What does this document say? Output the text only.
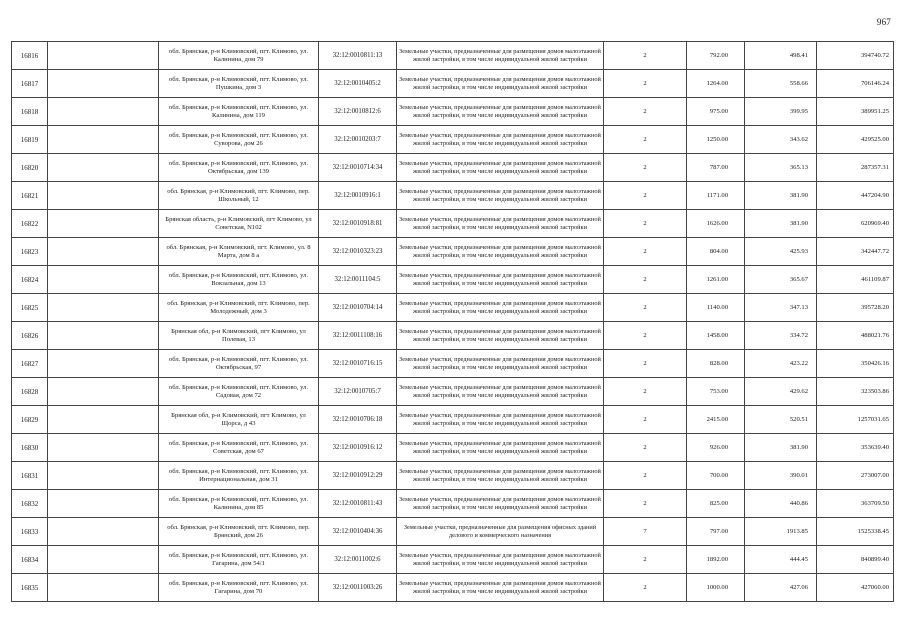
967
16816		обл. Брянская, р-н Климовский, пгт. Климово, ул. Калинина, дом 79	32:12:0010811:13	Земельные участки, предназначенные для размещения домов малоэтажной жилой застройки, в том числе индивидуальной жилой застройки	2	792.00	498.41	394740.72
16817		обл. Брянская, р-н Климовский, пгт. Климово, ул. Пушкина, дом 3	32:12:0010405:2	Земельные участки, предназначенные для размещения домов малоэтажной жилой застройки, в том числе индивидуальной жилой застройки	2	1264.00	558.66	706146.24
16818		обл. Брянская, р-н Климовский, пгт. Климово, ул. Калинина, дом 119	32:12:0010812:6	Земельные участки, предназначенные для размещения домов малоэтажной жилой застройки, в том числе индивидуальной жилой застройки	2	975.00	399.95	389951.25
16819		обл. Брянская, р-н Климовский, пгт. Климово, ул. Суворова, дом 26	32:12:0010203:7	Земельные участки, предназначенные для размещения домов малоэтажной жилой застройки, в том числе индивидуальной жилой застройки	2	1250.00	343.62	429525.00
16820		обл. Брянская, р-н Климовский, пгт. Климово, ул. Октябрьская, дом 139	32:12:0010714:34	Земельные участки, предназначенные для размещения домов малоэтажной жилой застройки, в том числе индивидуальной жилой застройки	2	787.00	365.13	287357.31
16821		обл. Брянская, р-н Климовский, пгт. Климово, пер. Школьный, 12	32:12:0010916:1	Земельные участки, предназначенные для размещения домов малоэтажной жилой застройки, в том числе индивидуальной жилой застройки	2	1171.00	381.90	447204.90
16822		Брянская область, р-н Климовский, пгт Климово, ул Советская, N102	32:12:0010918:81	Земельные участки, предназначенные для размещения домов малоэтажной жилой застройки, в том числе индивидуальной жилой застройки	2	1626.00	381.90	620969.40
16823		обл. Брянская, р-н Климовский, пгт. Климово, ул. 8 Марта, дом 8 а	32:12:0010323:23	Земельные участки, предназначенные для размещения домов малоэтажной жилой застройки, в том числе индивидуальной жилой застройки	2	804.00	425.93	342447.72
16824		обл. Брянская, р-н Климовский, пгт. Климово, ул. Вокзальная, дом 13	32:12:0011104:5	Земельные участки, предназначенные для размещения домов малоэтажной жилой застройки, в том числе индивидуальной жилой застройки	2	1261.00	365.67	461109.87
16825		обл. Брянская, р-н Климовский, пгт. Климово, пер. Молодежный, дом 3	32:12:0010704:14	Земельные участки, предназначенные для размещения домов малоэтажной жилой застройки, в том числе индивидуальной жилой застройки	2	1140.00	347.13	395728.20
16826		Брянская обл, р-н Климовский, пгт Климово, ул Полевая, 13	32:12:0011108:16	Земельные участки, предназначенные для размещения домов малоэтажной жилой застройки, в том числе индивидуальной жилой застройки	2	1458.00	334.72	488021.76
16827		обл. Брянская, р-н Климовский, пгт. Климово, ул. Октябрьская, 97	32:12:0010716:15	Земельные участки, предназначенные для размещения домов малоэтажной жилой застройки, в том числе индивидуальной жилой застройки	2	828.00	423.22	350426.16
16828		обл. Брянская, р-н Климовский, пгт. Климово, ул. Садовая, дом 72	32:12:0010705:7	Земельные участки, предназначенные для размещения домов малоэтажной жилой застройки, в том числе индивидуальной жилой застройки	2	753.00	429.62	323503.86
16829		Брянская обл, р-н Климовский, пгт Климово, ул Щорса, д 43	32:12:0010706:18	Земельные участки, предназначенные для размещения домов малоэтажной жилой застройки, в том числе индивидуальной жилой застройки	2	2415.00	520.51	1257031.65
16830		обл. Брянская, р-н Климовский, пгт. Климово, ул. Советская, дом 67	32:12:0010916:12	Земельные участки, предназначенные для размещения домов малоэтажной жилой застройки, в том числе индивидуальной жилой застройки	2	926.00	381.90	353639.40
16831		обл. Брянская, р-н Климовский, пгт. Климово, ул. Интернациональная, дом 31	32:12:0010912:29	Земельные участки, предназначенные для размещения домов малоэтажной жилой застройки, в том числе индивидуальной жилой застройки	2	700.00	390.01	273007.00
16832		обл. Брянская, р-н Климовский, пгт. Климово, ул. Калинина, дом 85	32:12:0010811:43	Земельные участки, предназначенные для размещения домов малоэтажной жилой застройки, в том числе индивидуальной жилой застройки	2	825.00	440.86	363709.50
16833		обл. Брянская, р-н Климовский, пгт. Климово, пер. Брянский, дом 26	32:12:0010404:36	Земельные участки, предназначенные для размещения офисных зданий делового и коммерческого назначения	7	797.00	1913.85	1525338.45
16834		обл. Брянская, р-н Климовский, пгт. Климово, ул. Гагарина, дом 54/1	32:12:0011002:6	Земельные участки, предназначенные для размещения домов малоэтажной жилой застройки, в том числе индивидуальной жилой застройки	2	1892.00	444.45	840899.40
16835		обл. Брянская, р-н Климовский, пгт. Климово, ул. Гагарина, дом 70	32:12:0011003:26	Земельные участки, предназначенные для размещения домов малоэтажной жилой застройки, в том числе индивидуальной жилой застройки	2	1000.00	427.06	427060.00
